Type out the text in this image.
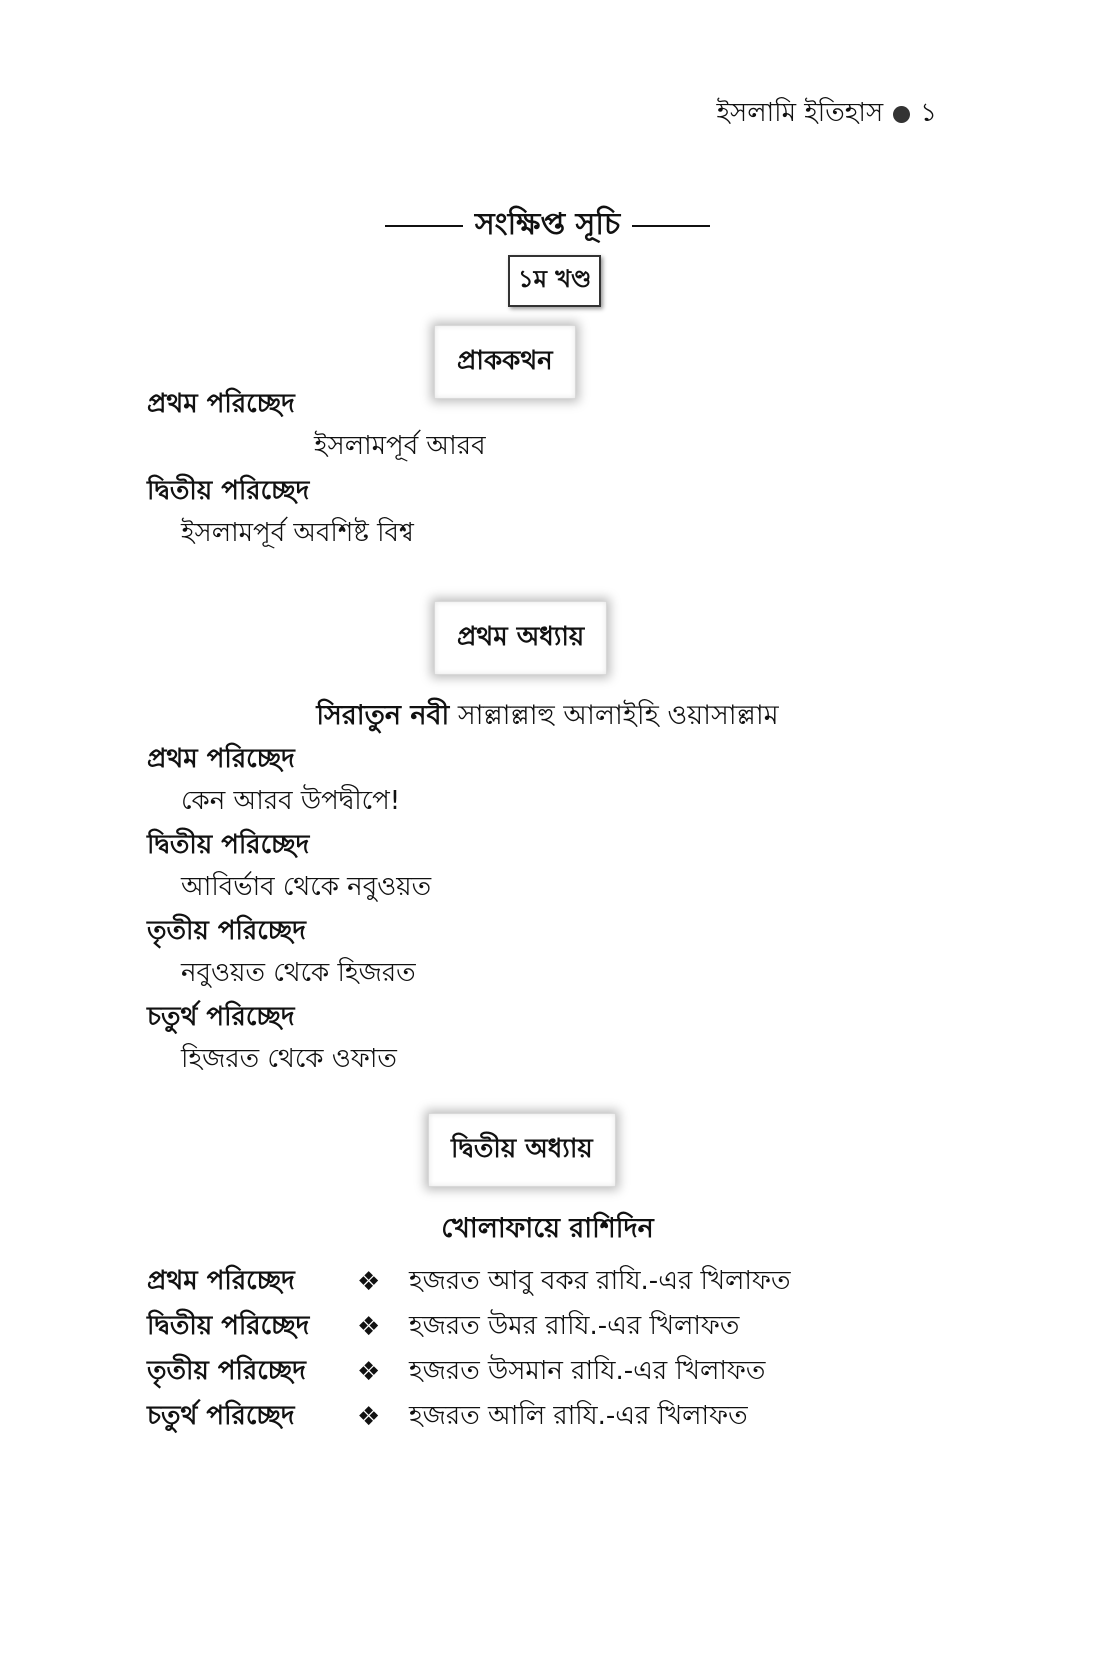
ইসলামি ইতিহাস ১
সংক্ষিপ্ত সূচি
১ম খণ্ড
প্রাককথন
প্রথম পরিচ্ছেদ
ইসলামপূর্ব আরব
দ্বিতীয় পরিচ্ছেদ
ইসলামপূর্ব অবশিষ্ট বিশ্ব
প্রথম অধ্যায়
সিরাতুন নবী সাল্লাল্লাহু আলাইহি ওয়াসাল্লাম
প্রথম পরিচ্ছেদ
কেন আরব উপদ্বীপে!
দ্বিতীয় পরিচ্ছেদ
আবির্ভাব থেকে নবুওয়ত
তৃতীয় পরিচ্ছেদ
নবুওয়ত থেকে হিজরত
চতুর্থ পরিচ্ছেদ
হিজরত থেকে ওফাত
দ্বিতীয় অধ্যায়
খোলাফায়ে রাশিদিন
প্রথম পরিচ্ছেদ	❖	হজরত আবু বকর রাযি.-এর খিলাফত
দ্বিতীয় পরিচ্ছেদ	❖	হজরত উমর রাযি.-এর খিলাফত
তৃতীয় পরিচ্ছেদ	❖	হজরত উসমান রাযি.-এর খিলাফত
চতুর্থ পরিচ্ছেদ	❖	হজরত আলি রাযি.-এর খিলাফত
